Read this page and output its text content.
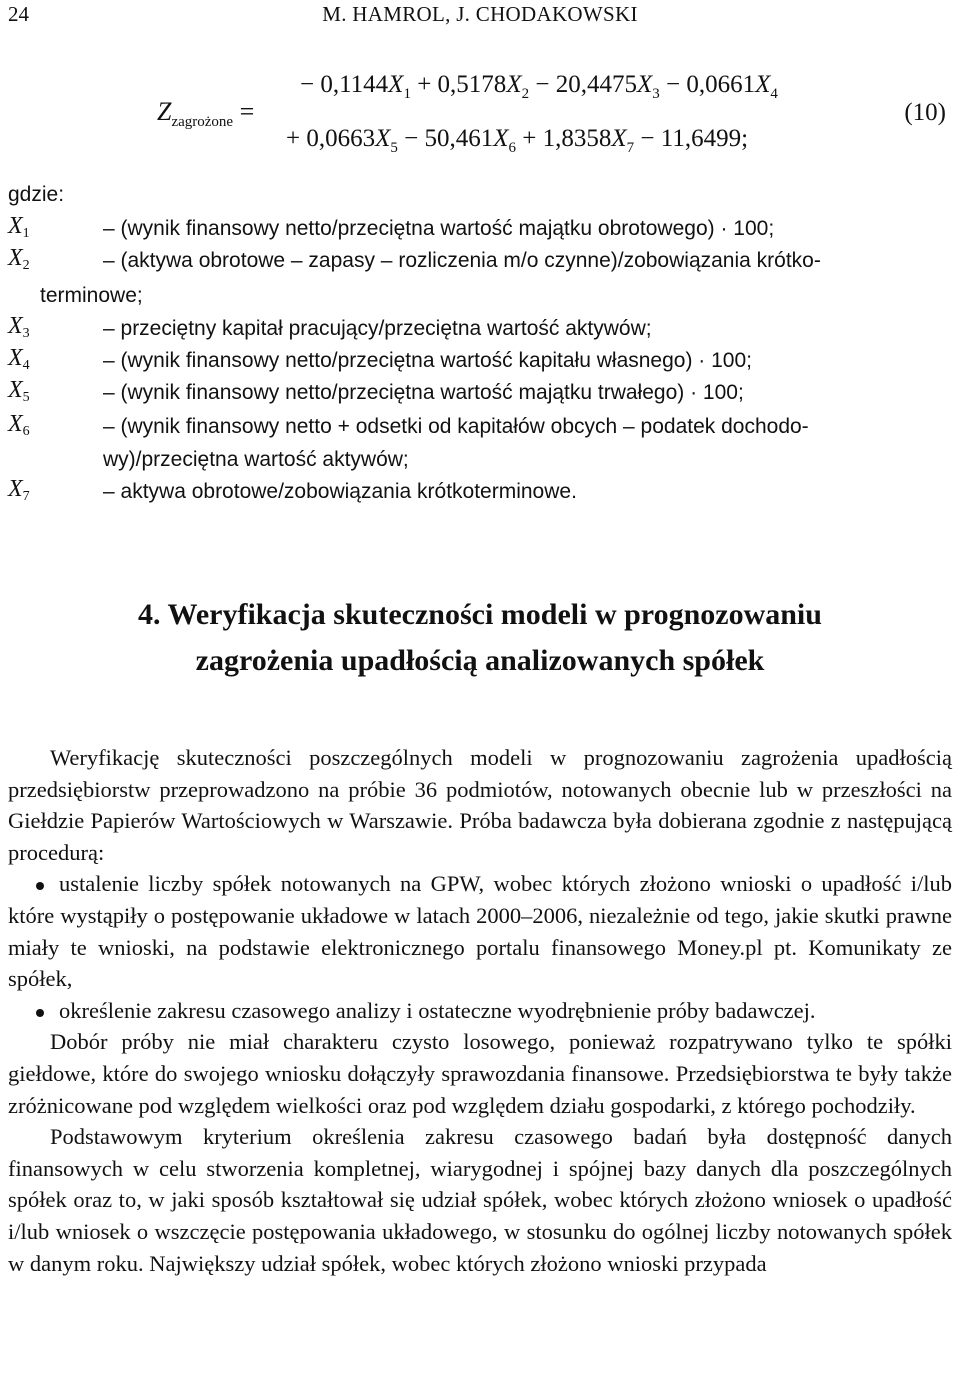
24	M. HAMROL, J. CHODAKOWSKI
$Z_{zagrożone}$ =
− $0,1144X_1 + 0,5178X_2 - 20,4475X_3 - 0,0661X_4$
+ $0,0663X_5 - 50,461X_6 + 1,8358X_7 - 11,6499$;
(10)
gdzie:
$X_1$	– (wynik finansowy netto/przeciętna wartość majątku obrotowego) · 100;
$X_2$	– (aktywa obrotowe – zapasy – rozliczenia m/o czynne)/zobowiązania krótko-
terminowe;
$X_3$	– przeciętny kapitał pracujący/przeciętna wartość aktywów;
$X_4$	– (wynik finansowy netto/przeciętna wartość kapitału własnego) · 100;
$X_5$	– (wynik finansowy netto/przeciętna wartość majątku trwałego) · 100;
$X_6$	– (wynik finansowy netto + odsetki od kapitałów obcych – podatek dochodo-
wy)/przeciętna wartość aktywów;
$X_7$	– aktywa obrotowe/zobowiązania krótkoterminowe.
4. Weryfikacja skuteczności modeli w prognozowaniu
zagrożenia upadłością analizowanych spółek
Weryfikację skuteczności poszczególnych modeli w prognozowaniu zagrożenia upadłością przedsiębiorstw przeprowadzono na próbie 36 podmiotów, notowanych obecnie lub w przeszłości na Giełdzie Papierów Wartościowych w Warszawie. Próba badawcza była dobierana zgodnie z następującą procedurą:
ustalenie liczby spółek notowanych na GPW, wobec których złożono wnioski o upadłość i/lub które wystąpiły o postępowanie układowe w latach 2000–2006, niezależnie od tego, jakie skutki prawne miały te wnioski, na podstawie elektronicznego portalu finansowego Money.pl pt. Komunikaty ze spółek,
określenie zakresu czasowego analizy i ostateczne wyodrębnienie próby badawczej.
Dobór próby nie miał charakteru czysto losowego, ponieważ rozpatrywano tylko te spółki giełdowe, które do swojego wniosku dołączyły sprawozdania finansowe. Przedsiębiorstwa te były także zróżnicowane pod względem wielkości oraz pod względem działu gospodarki, z którego pochodziły.
Podstawowym kryterium określenia zakresu czasowego badań była dostępność danych finansowych w celu stworzenia kompletnej, wiarygodnej i spójnej bazy danych dla poszczególnych spółek oraz to, w jaki sposób kształtował się udział spółek, wobec których złożono wniosek o upadłość i/lub wniosek o wszczęcie postępowania układowego, w stosunku do ogólnej liczby notowanych spółek w danym roku. Największy udział spółek, wobec których złożono wnioski przypada
